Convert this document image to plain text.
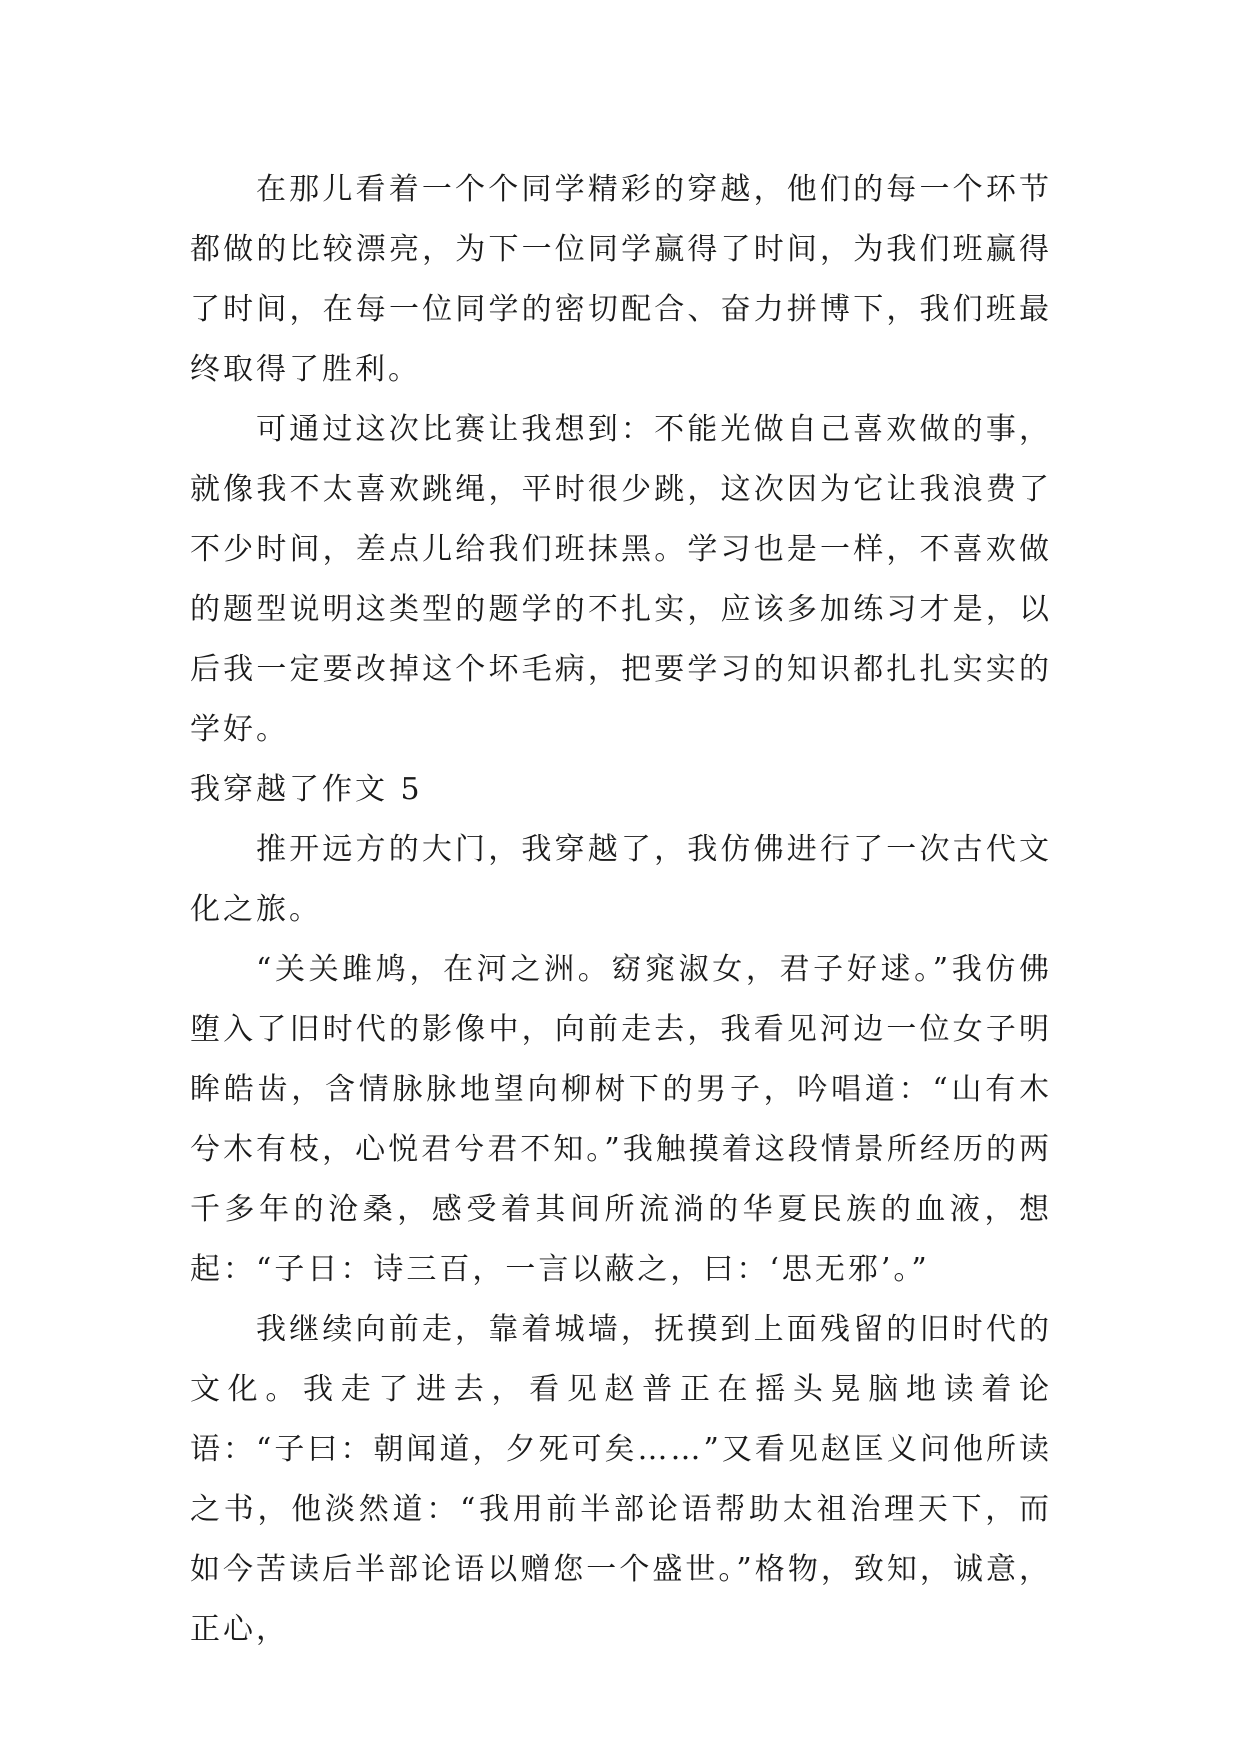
在那儿看着一个个同学精彩的穿越，他们的每一个环节都做的比较漂亮，为下一位同学赢得了时间，为我们班赢得了时间，在每一位同学的密切配合、奋力拼博下，我们班最终取得了胜利。

可通过这次比赛让我想到：不能光做自己喜欢做的事，就像我不太喜欢跳绳，平时很少跳，这次因为它让我浪费了不少时间，差点儿给我们班抹黑。学习也是一样，不喜欢做的题型说明这类型的题学的不扎实，应该多加练习才是，以后我一定要改掉这个坏毛病，把要学习的知识都扎扎实实的学好。

我穿越了作文 5

推开远方的大门，我穿越了，我仿佛进行了一次古代文化之旅。

“关关雎鸠，在河之洲。窈窕淑女，君子好逑。”我仿佛堕入了旧时代的影像中，向前走去，我看见河边一位女子明眸皓齿，含情脉脉地望向柳树下的男子，吟唱道：“山有木兮木有枝，心悦君兮君不知。”我触摸着这段情景所经历的两千多年的沧桑，感受着其间所流淌的华夏民族的血液，想起：“子日：诗三百，一言以蔽之，曰：‘思无邪’。”

我继续向前走，靠着城墙，抚摸到上面残留的旧时代的文化。我走了进去，看见赵普正在摇头晃脑地读着论语：“子曰：朝闻道，夕死可矣……”又看见赵匡义问他所读之书，他淡然道：“我用前半部论语帮助太祖治理天下，而如今苦读后半部论语以赠您一个盛世。”格物，致知，诚意，正心，
